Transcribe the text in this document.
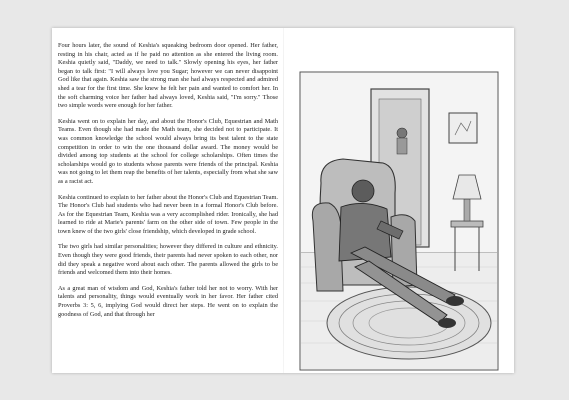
Four hours later, the sound of Keshia's squeaking bedroom door opened. Her father, resting in his chair, acted as if he paid no attention as she entered the living room. Keshia quietly said, "Daddy, we need to talk." Slowly opening his eyes, her father began to talk first: "I will always love you Sugar; however we can never disappoint God like that again. Keshia saw the strong man she had always respected and admired shed a tear for the first time. She knew he felt her pain and wanted to comfort her. In the soft charming voice her father had always loved, Keshia said, "I'm sorry." Those two simple words were enough for her father.

Keshia went on to explain her day, and about the Honor's Club, Equestrian and Math Teams. Even though she had made the Math team, she decided not to participate. It was common knowledge the school would always bring its best talent to the state competition in order to win the one thousand dollar award. The money would be divided among top students at the school for college scholarships. Often times the scholarships would go to students whose parents were friends of the principal. Keshia was not going to let them reap the benefits of her talents, especially from what she saw as a racist act.

Keshia continued to explain to her father about the Honor's Club and Equestrian Team. The Honor's Club had students who had never been in a formal Honor's Club before. As for the Equestrian Team, Keshia was a very accomplished rider. Ironically, she had learned to ride at Marie's parents' farm on the other side of town. Few people in the town knew of the two girls' close friendship, which developed in grade school.

The two girls had similar personalities; however they differed in culture and ethnicity. Even though they were good friends, their parents had never spoken to each other, nor did they speak a negative word about each other. The parents allowed the girls to be friends and welcomed them into their homes.

As a great man of wisdom and God, Keshia's father told her not to worry. With her talents and personality, things would eventually work in her favor. Her father cited Proverbs 3: 5, 6, implying God would direct her steps. He went on to explain the goodness of God, and that through her
